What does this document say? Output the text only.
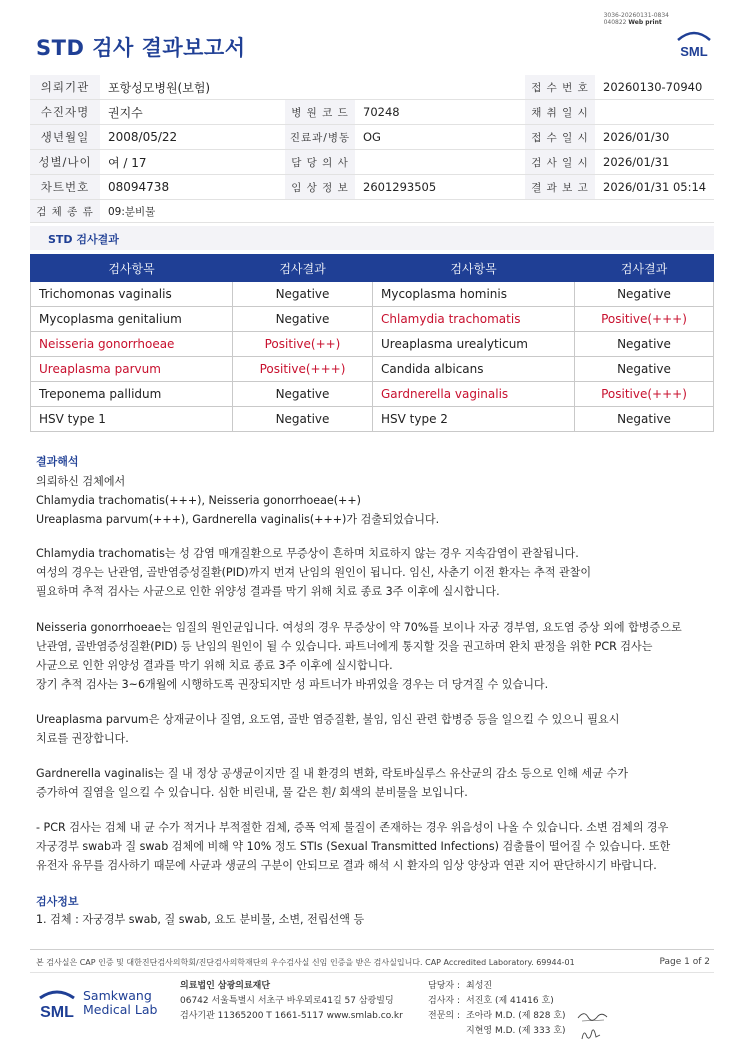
STD 검사 결과보고서
3036-20260131-0834
040822 Web print
SML
의뢰기관	포항성모병원(보험)			접 수 번 호	20260130-70940
수진자명	권지수	병 원 코 드	70248	채 취 일 시	
생년월일	2008/05/22	진료과/병동	OG	접 수 일 시	2026/01/30
성별/나이	여 / 17	담 당 의 사		검 사 일 시	2026/01/31
차트번호	08094738	임 상 정 보	2601293505	결 과 보 고	2026/01/31 05:14
검 체 종 류	09:분비물				
STD 검사결과
검사항목	검사결과	검사항목	검사결과
Trichomonas vaginalis	Negative	Mycoplasma hominis	Negative
Mycoplasma genitalium	Negative	Chlamydia trachomatis	Positive(+++)
Neisseria gonorrhoeae	Positive(++)	Ureaplasma urealyticum	Negative
Ureaplasma parvum	Positive(+++)	Candida albicans	Negative
Treponema pallidum	Negative	Gardnerella vaginalis	Positive(+++)
HSV type 1	Negative	HSV type 2	Negative
결과해석
의뢰하신 검체에서
Chlamydia trachomatis(+++), Neisseria gonorrhoeae(++)
Ureaplasma parvum(+++), Gardnerella vaginalis(+++)가 검출되었습니다.
Chlamydia trachomatis는 성 감염 매개질환으로 무증상이 흔하며 치료하지 않는 경우 지속감염이 관찰됩니다.
여성의 경우는 난관염, 골반염증성질환(PID)까지 번져 난임의 원인이 됩니다. 임신, 사춘기 이전 환자는 추적 관찰이
필요하며 추적 검사는 사균으로 인한 위양성 결과를 막기 위해 치료 종료 3주 이후에 실시합니다.
Neisseria gonorrhoeae는 임질의 원인균입니다. 여성의 경우 무증상이 약 70%를 보이나 자궁 경부염, 요도염 증상 외에 합병증으로
난관염, 골반염증성질환(PID) 등 난임의 원인이 될 수 있습니다. 파트너에게 통지할 것을 권고하며 완치 판정을 위한 PCR 검사는
사균으로 인한 위양성 결과를 막기 위해 치료 종료 3주 이후에 실시합니다.
장기 추적 검사는 3~6개월에 시행하도록 권장되지만 성 파트너가 바뀌었을 경우는 더 당겨질 수 있습니다.
Ureaplasma parvum은 상재균이나 질염, 요도염, 골반 염증질환, 불임, 임신 관련 합병증 등을 일으킬 수 있으니 필요시
치료를 권장합니다.
Gardnerella vaginalis는 질 내 정상 공생균이지만 질 내 환경의 변화, 락토바실루스 유산균의 감소 등으로 인해 세균 수가
증가하여 질염을 일으킬 수 있습니다. 심한 비린내, 물 같은 흰/ 회색의 분비물을 보입니다.
- PCR 검사는 검체 내 균 수가 적거나 부적절한 검체, 증폭 억제 물질이 존재하는 경우 위음성이 나올 수 있습니다. 소변 검체의 경우
자궁경부 swab과 질 swab 검체에 비해 약 10% 정도 STIs (Sexual Transmitted Infections) 검출률이 떨어질 수 있습니다. 또한
유전자 유무를 검사하기 때문에 사균과 생균의 구분이 안되므로 결과 해석 시 환자의 임상 양상과 연관 지어 판단하시기 바랍니다.
검사정보
1. 검체 : 자궁경부 swab, 질 swab, 요도 분비물, 소변, 전립선액 등
본 검사실은 CAP 인증 및 대한진단검사의학회/진단검사의학재단의 우수검사실 신임 인증을 받은 검사실입니다. CAP Accredited Laboratory. 69944-01	Page 1 of 2
SML
Samkwang
Medical Lab
의료법인 삼광의료재단
06742 서울특별시 서초구 바우뫼로41길 57 삼광빌딩
검사기관 11365200 T 1661-5117 www.smlab.co.kr
담당자 : 최성진
검사자 : 서진호 (제 41416 호)
전문의 : 조아라 M.D. (제 828 호)
지현영 M.D. (제 333 호)
